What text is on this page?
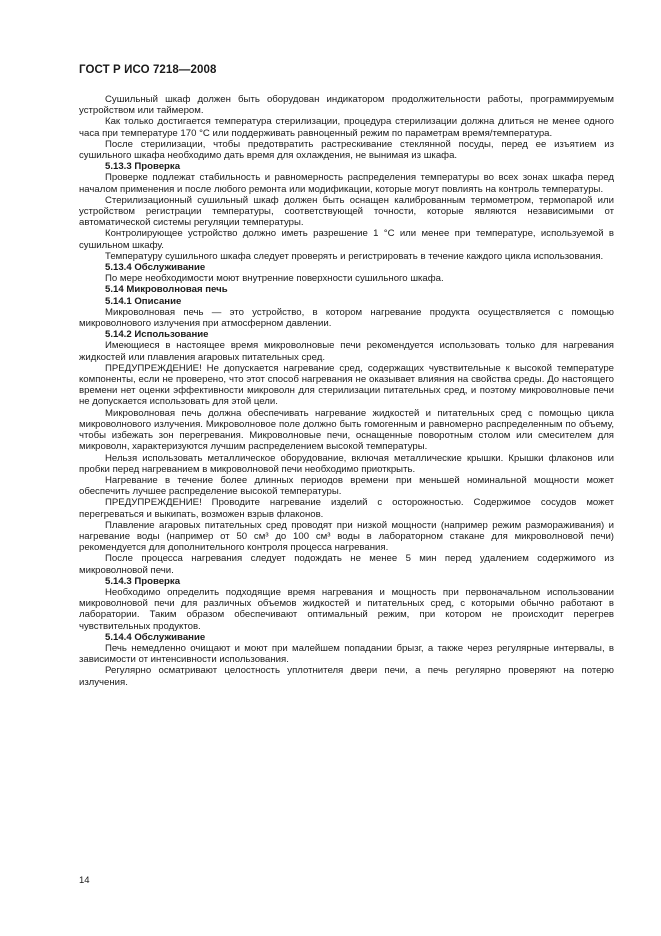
ГОСТ Р ИСО 7218—2008

Сушильный шкаф должен быть оборудован индикатором продолжительности работы, программируемым устройством или таймером.

Как только достигается температура стерилизации, процедура стерилизации должна длиться не менее одного часа при температуре 170 °С или поддерживать равноценный режим по параметрам время/температура.

После стерилизации, чтобы предотвратить растрескивание стеклянной посуды, перед ее изъятием из сушильного шкафа необходимо дать время для охлаждения, не вынимая из шкафа.

5.13.3 Проверка

Проверке подлежат стабильность и равномерность распределения температуры во всех зонах шкафа перед началом применения и после любого ремонта или модификации, которые могут повлиять на контроль температуры.

Стерилизационный сушильный шкаф должен быть оснащен калиброванным термометром, термопарой или устройством регистрации температуры, соответствующей точности, которые являются независимыми от автоматической системы регуляции температуры.

Контролирующее устройство должно иметь разрешение 1 °С или менее при температуре, используемой в сушильном шкафу.

Температуру сушильного шкафа следует проверять и регистрировать в течение каждого цикла использования.

5.13.4 Обслуживание

По мере необходимости моют внутренние поверхности сушильного шкафа.

5.14 Микроволновая печь

5.14.1 Описание

Микроволновая печь — это устройство, в котором нагревание продукта осуществляется с помощью микроволнового излучения при атмосферном давлении.

5.14.2 Использование

Имеющиеся в настоящее время микроволновые печи рекомендуется использовать только для нагревания жидкостей или плавления агаровых питательных сред.

ПРЕДУПРЕЖДЕНИЕ! Не допускается нагревание сред, содержащих чувствительные к высокой температуре компоненты, если не проверено, что этот способ нагревания не оказывает влияния на свойства среды. До настоящего времени нет оценки эффективности микроволн для стерилизации питательных сред, и поэтому микроволновые печи не допускается использовать для этой цели.

Микроволновая печь должна обеспечивать нагревание жидкостей и питательных сред с помощью цикла микроволнового излучения. Микроволновое поле должно быть гомогенным и равномерно распределенным по объему, чтобы избежать зон перегревания. Микроволновые печи, оснащенные поворотным столом или смесителем для микроволн, характеризуются лучшим распределением высокой температуры.

Нельзя использовать металлическое оборудование, включая металлические крышки. Крышки флаконов или пробки перед нагреванием в микроволновой печи необходимо приоткрыть.

Нагревание в течение более длинных периодов времени при меньшей номинальной мощности может обеспечить лучшее распределение высокой температуры.

ПРЕДУПРЕЖДЕНИЕ! Проводите нагревание изделий с осторожностью. Содержимое сосудов может перегреваться и выкипать, возможен взрыв флаконов.

Плавление агаровых питательных сред проводят при низкой мощности (например режим размораживания) и нагревание воды (например от 50 см³ до 100 см³ воды в лабораторном стакане для микроволновой печи) рекомендуется для дополнительного контроля процесса нагревания.

После процесса нагревания следует подождать не менее 5 мин перед удалением содержимого из микроволновой печи.

5.14.3 Проверка

Необходимо определить подходящие время нагревания и мощность при первоначальном использовании микроволновой печи для различных объемов жидкостей и питательных сред, с которыми обычно работают в лаборатории. Таким образом обеспечивают оптимальный режим, при котором не происходит перегрев чувствительных продуктов.

5.14.4 Обслуживание

Печь немедленно очищают и моют при малейшем попадании брызг, а также через регулярные интервалы, в зависимости от интенсивности использования.

Регулярно осматривают целостность уплотнителя двери печи, а печь регулярно проверяют на потерю излучения.

14
